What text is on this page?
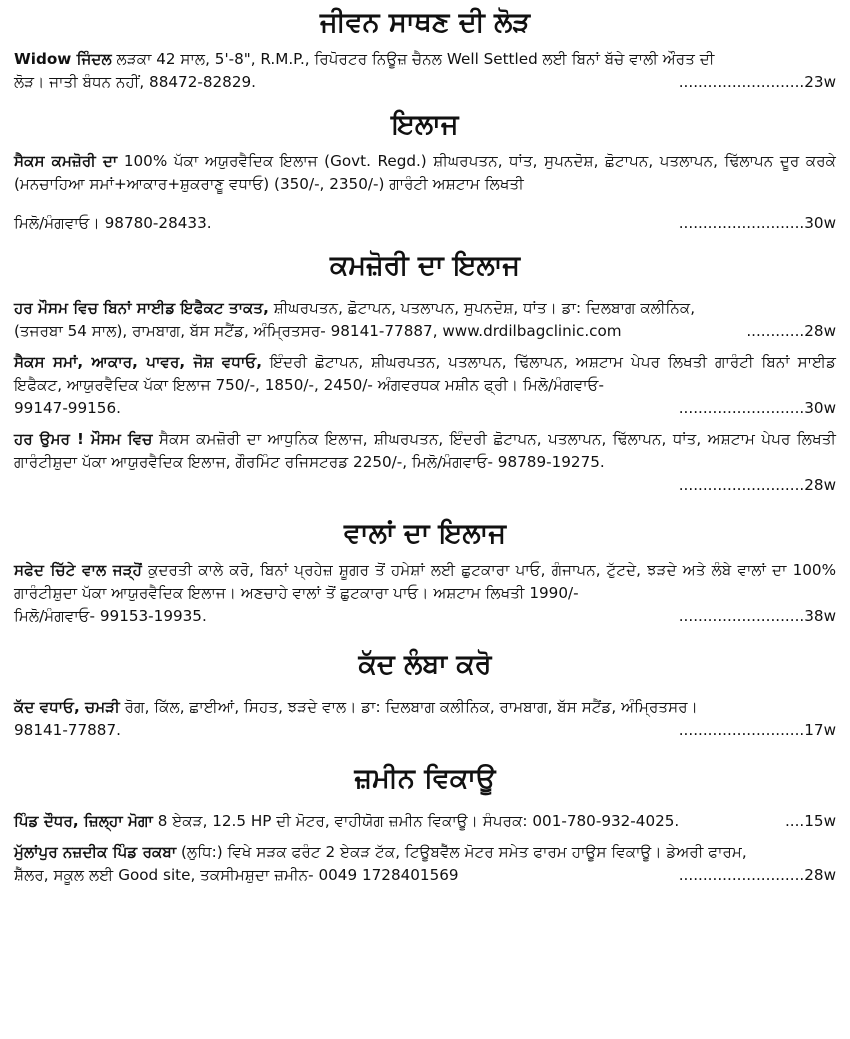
ਜੀਵਨ ਸਾਥਣ ਦੀ ਲੋੜ
Widow ਜਿੰਦਲ ਲੜਕਾ 42 ਸਾਲ, 5'-8", R.M.P., ਰਿਪੋਰਟਰ ਨਿਊਜ਼ ਚੈਨਲ Well Settled ਲਈ ਬਿਨਾਂ ਬੱਚੇ ਵਾਲੀ ਔਰਤ ਦੀ
ਲੋੜ। ਜਾਤੀ ਬੰਧਨ ਨਹੀਂ, 88472-82829.	..........................23w
ਇਲਾਜ
ਸੈਕਸ ਕਮਜ਼ੋਰੀ ਦਾ 100% ਪੱਕਾ ਅਯੁਰਵੈਦਿਕ ਇਲਾਜ (Govt. Regd.) ਸ਼ੀਘਰਪਤਨ, ਧਾਂਤ, ਸੁਪਨਦੋਸ਼, ਛੋਟਾਪਨ, ਪਤਲਾਪਨ, ਢਿੱਲਾਪਨ ਦੂਰ ਕਰਕੇ (ਮਨਚਾਹਿਆ ਸਮਾਂ+ਆਕਾਰ+ਸ਼ੁਕਰਾਣੂ ਵਧਾਓ) (350/-, 2350/-) ਗਾਰੰਟੀ ਅਸ਼ਟਾਮ ਲਿਖਤੀ
ਮਿਲੋ/ਮੰਗਵਾਓ। 98780-28433.	..........................30w
ਕਮਜ਼ੋਰੀ ਦਾ ਇਲਾਜ
ਹਰ ਮੌਸਮ ਵਿਚ ਬਿਨਾਂ ਸਾਈਡ ਇਫੈਕਟ ਤਾਕਤ, ਸ਼ੀਘਰਪਤਨ, ਛੋਟਾਪਨ, ਪਤਲਾਪਨ, ਸੁਪਨਦੋਸ਼, ਧਾਂਤ। ਡਾ: ਦਿਲਬਾਗ ਕਲੀਨਿਕ,
(ਤਜਰਬਾ 54 ਸਾਲ), ਰਾਮਬਾਗ, ਬੱਸ ਸਟੈਂਡ, ਅੰਮ੍ਰਿਤਸਰ- 98141-77887, www.drdilbagclinic.com	............28w
ਸੈਕਸ ਸਮਾਂ, ਆਕਾਰ, ਪਾਵਰ, ਜੋਸ਼ ਵਧਾਓ, ਇੰਦਰੀ ਛੋਟਾਪਨ, ਸ਼ੀਘਰਪਤਨ, ਪਤਲਾਪਨ, ਢਿੱਲਾਪਨ, ਅਸ਼ਟਾਮ ਪੇਪਰ ਲਿਖਤੀ ਗਾਰੰਟੀ ਬਿਨਾਂ ਸਾਈਡ ਇਫੈਕਟ, ਆਯੁਰਵੈਦਿਕ ਪੱਕਾ ਇਲਾਜ 750/-, 1850/-, 2450/- ਅੰਗਵਰਧਕ ਮਸ਼ੀਨ ਫ੍ਰੀ। ਮਿਲੋ/ਮੰਗਵਾਓ-
99147-99156.	..........................30w
ਹਰ ਉਮਰ ! ਮੌਸਮ ਵਿਚ ਸੈਕਸ ਕਮਜ਼ੋਰੀ ਦਾ ਆਧੁਨਿਕ ਇਲਾਜ, ਸ਼ੀਘਰਪਤਨ, ਇੰਦਰੀ ਛੋਟਾਪਨ, ਪਤਲਾਪਨ, ਢਿੱਲਾਪਨ, ਧਾਂਤ, ਅਸ਼ਟਾਮ ਪੇਪਰ ਲਿਖਤੀ ਗਾਰੰਟੀਸ਼ੁਦਾ ਪੱਕਾ ਆਯੁਰਵੈਦਿਕ ਇਲਾਜ, ਗੌਰਮਿੰਟ ਰਜਿਸਟਰਡ 2250/-, ਮਿਲੋ/ਮੰਗਵਾਓ- 98789-19275.
..........................28w
ਵਾਲਾਂ ਦਾ ਇਲਾਜ
ਸਫੇਦ ਚਿੱਟੇ ਵਾਲ ਜੜ੍ਹੋਂ ਕੁਦਰਤੀ ਕਾਲੇ ਕਰੋ, ਬਿਨਾਂ ਪ੍ਰਹੇਜ਼ ਸ਼ੂਗਰ ਤੋਂ ਹਮੇਸ਼ਾਂ ਲਈ ਛੁਟਕਾਰਾ ਪਾਓ, ਗੰਜਾਪਨ, ਟੁੱਟਦੇ, ਝੜਦੇ ਅਤੇ ਲੰਬੇ ਵਾਲਾਂ ਦਾ 100% ਗਾਰੰਟੀਸ਼ੁਦਾ ਪੱਕਾ ਆਯੁਰਵੈਦਿਕ ਇਲਾਜ। ਅਣਚਾਹੇ ਵਾਲਾਂ ਤੋਂ ਛੁਟਕਾਰਾ ਪਾਓ। ਅਸ਼ਟਾਮ ਲਿਖਤੀ 1990/-
ਮਿਲੋ/ਮੰਗਵਾਓ- 99153-19935.	..........................38w
ਕੱਦ ਲੰਬਾ ਕਰੋ
ਕੱਦ ਵਧਾਓ, ਚਮੜੀ ਰੋਗ, ਕਿੱਲ, ਛਾਈਆਂ, ਸਿਹਤ, ਝੜਦੇ ਵਾਲ। ਡਾ: ਦਿਲਬਾਗ ਕਲੀਨਿਕ, ਰਾਮਬਾਗ, ਬੱਸ ਸਟੈਂਡ, ਅੰਮ੍ਰਿਤਸਰ।
98141-77887.	..........................17w
ਜ਼ਮੀਨ ਵਿਕਾਊ
ਪਿੰਡ ਦੌਧਰ, ਜ਼ਿਲ੍ਹਾ ਮੋਗਾ 8 ਏਕੜ, 12.5 HP ਦੀ ਮੋਟਰ, ਵਾਹੀਯੋਗ ਜ਼ਮੀਨ ਵਿਕਾਊ। ਸੰਪਰਕ: 001-780-932-4025.	....15w
ਮੁੱਲਾਂਪੁਰ ਨਜ਼ਦੀਕ ਪਿੰਡ ਰਕਬਾ (ਲੁਧਿ:) ਵਿਖੇ ਸੜਕ ਫਰੰਟ 2 ਏਕੜ ਟੱਕ, ਟਿਊਬਵੈੱਲ ਮੋਟਰ ਸਮੇਤ ਫਾਰਮ ਹਾਊਸ ਵਿਕਾਊ। ਡੇਅਰੀ ਫਾਰਮ,
ਸ਼ੈੱਲਰ, ਸਕੂਲ ਲਈ Good site, ਤਕਸੀਮਸ਼ੁਦਾ ਜ਼ਮੀਨ- 0049 1728401569	..........................28w
